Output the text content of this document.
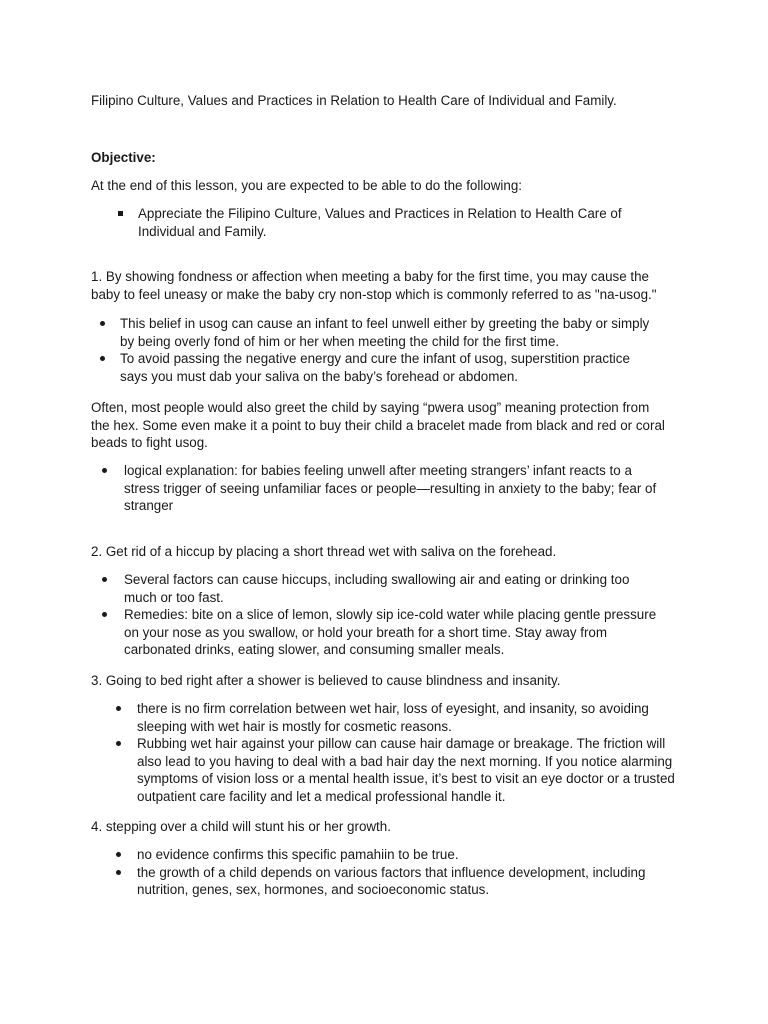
Filipino Culture, Values and Practices in Relation to Health Care of Individual and Family.

Objective:

At the end of this lesson, you are expected to be able to do the following:

Appreciate the Filipino Culture, Values and Practices in Relation to Health Care of Individual and Family.

1. By showing fondness or affection when meeting a baby for the first time, you may cause the baby to feel uneasy or make the baby cry non-stop which is commonly referred to as "na-usog."

This belief in usog can cause an infant to feel unwell either by greeting the baby or simply by being overly fond of him or her when meeting the child for the first time.
To avoid passing the negative energy and cure the infant of usog, superstition practice says you must dab your saliva on the baby’s forehead or abdomen.

Often, most people would also greet the child by saying “pwera usog” meaning protection from the hex. Some even make it a point to buy their child a bracelet made from black and red or coral beads to fight usog.

logical explanation: for babies feeling unwell after meeting strangers’ infant reacts to a stress trigger of seeing unfamiliar faces or people—resulting in anxiety to the baby; fear of stranger

2. Get rid of a hiccup by placing a short thread wet with saliva on the forehead.

Several factors can cause hiccups, including swallowing air and eating or drinking too much or too fast.
Remedies: bite on a slice of lemon, slowly sip ice-cold water while placing gentle pressure on your nose as you swallow, or hold your breath for a short time. Stay away from carbonated drinks, eating slower, and consuming smaller meals.

3. Going to bed right after a shower is believed to cause blindness and insanity.

there is no firm correlation between wet hair, loss of eyesight, and insanity, so avoiding sleeping with wet hair is mostly for cosmetic reasons.
Rubbing wet hair against your pillow can cause hair damage or breakage. The friction will also lead to you having to deal with a bad hair day the next morning. If you notice alarming symptoms of vision loss or a mental health issue, it’s best to visit an eye doctor or a trusted outpatient care facility and let a medical professional handle it.

4. stepping over a child will stunt his or her growth.

no evidence confirms this specific pamahiin to be true.
the growth of a child depends on various factors that influence development, including nutrition, genes, sex, hormones, and socioeconomic status.
